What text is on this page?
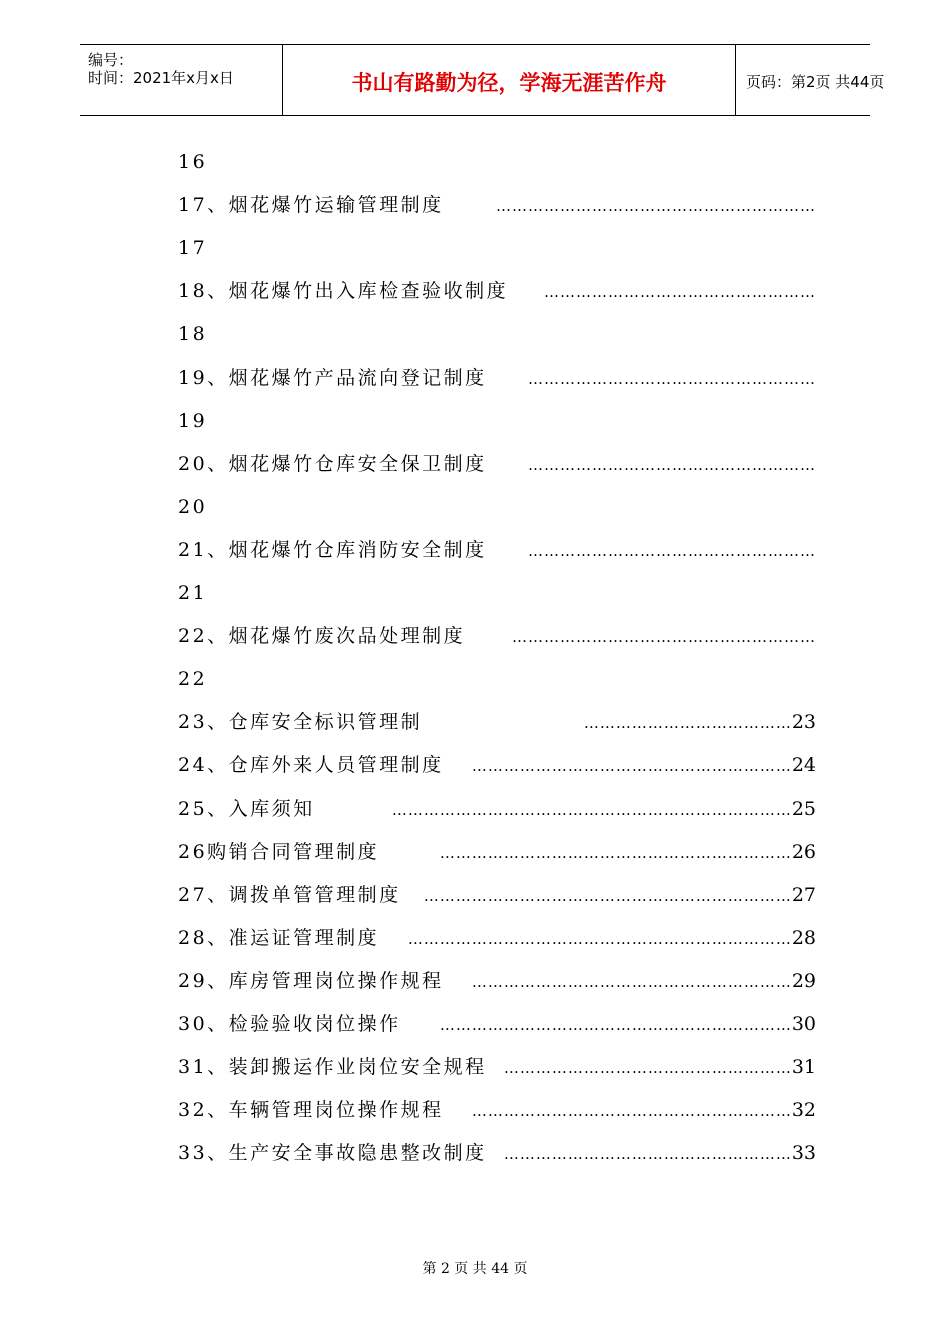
编号：
时间：2021年x月x日	书山有路勤为径，学海无涯苦作舟	页码：第2页 共44页
16
17、烟花爆竹运输管理制度	……………………………………………………
17
18、烟花爆竹出入库检查验收制度 ……………………………………………
18
19、烟花爆竹产品流向登记制度	………………………………………………
19
20、烟花爆竹仓库安全保卫制度	………………………………………………
20
21、烟花爆竹仓库消防安全制度	………………………………………………
21
22、烟花爆竹废次品处理制度	…………………………………………………
22
23、仓库安全标识管理制	…………………………………23
24、仓库外来人员管理制度 ……………………………………………………24
25、入库须知	…………………………………………………………………25
26购销合同管理制度	…………………………………………………………26
27、调拨单管管理制度 ……………………………………………………………27
28、准运证管理制度 ………………………………………………………………28
29、库房管理岗位操作规程 ……………………………………………………29
30、检验验收岗位操作	…………………………………………………………30
31、装卸搬运作业岗位安全规程 ………………………………………………31
32、车辆管理岗位操作规程 ……………………………………………………32
33、生产安全事故隐患整改制度 ………………………………………………33
第 2 页 共 44 页
